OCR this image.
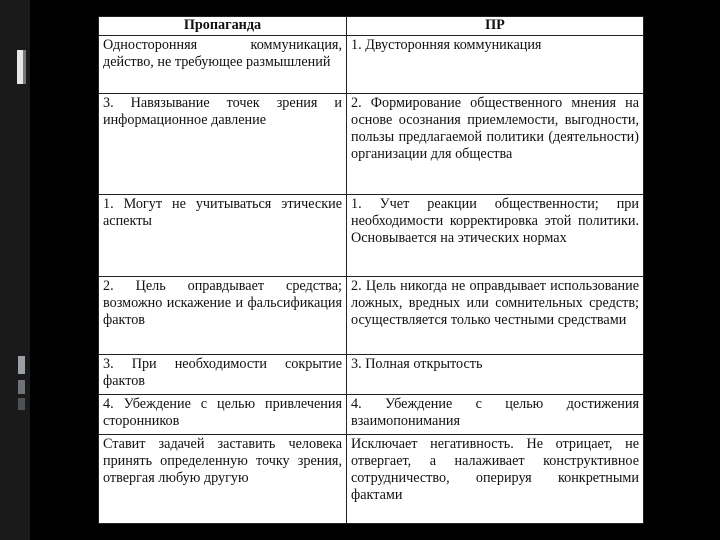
Пропаганда	ПР
Односторонняя коммуникация, действо, не требующее размышлений	1. Двусторонняя коммуникация
3. Навязывание точек зрения и информационное давление	2. Формирование общественного мнения на основе осознания приемлемости, выгодности, пользы предлагаемой политики (деятельности) организации для общества
1. Могут не учитываться этические аспекты	1. Учет реакции общественности; при необходимости корректировка этой политики. Основывается на этических нормах
2. Цель оправдывает средства; возможно искажение и фальсификация фактов	2. Цель никогда не оправдывает использование ложных, вредных или сомнительных средств; осуществляется только честными средствами
3. При необходимости сокрытие фактов	3. Полная открытость
4. Убеждение с целью привлечения сторонников	4. Убеждение с целью достижения взаимопонимания
Ставит задачей заставить человека принять определенную точку зрения, отвергая любую другую	Исключает негативность. Не отрицает, не отвергает, а налаживает конструктивное сотрудничество, оперируя конкретными фактами
